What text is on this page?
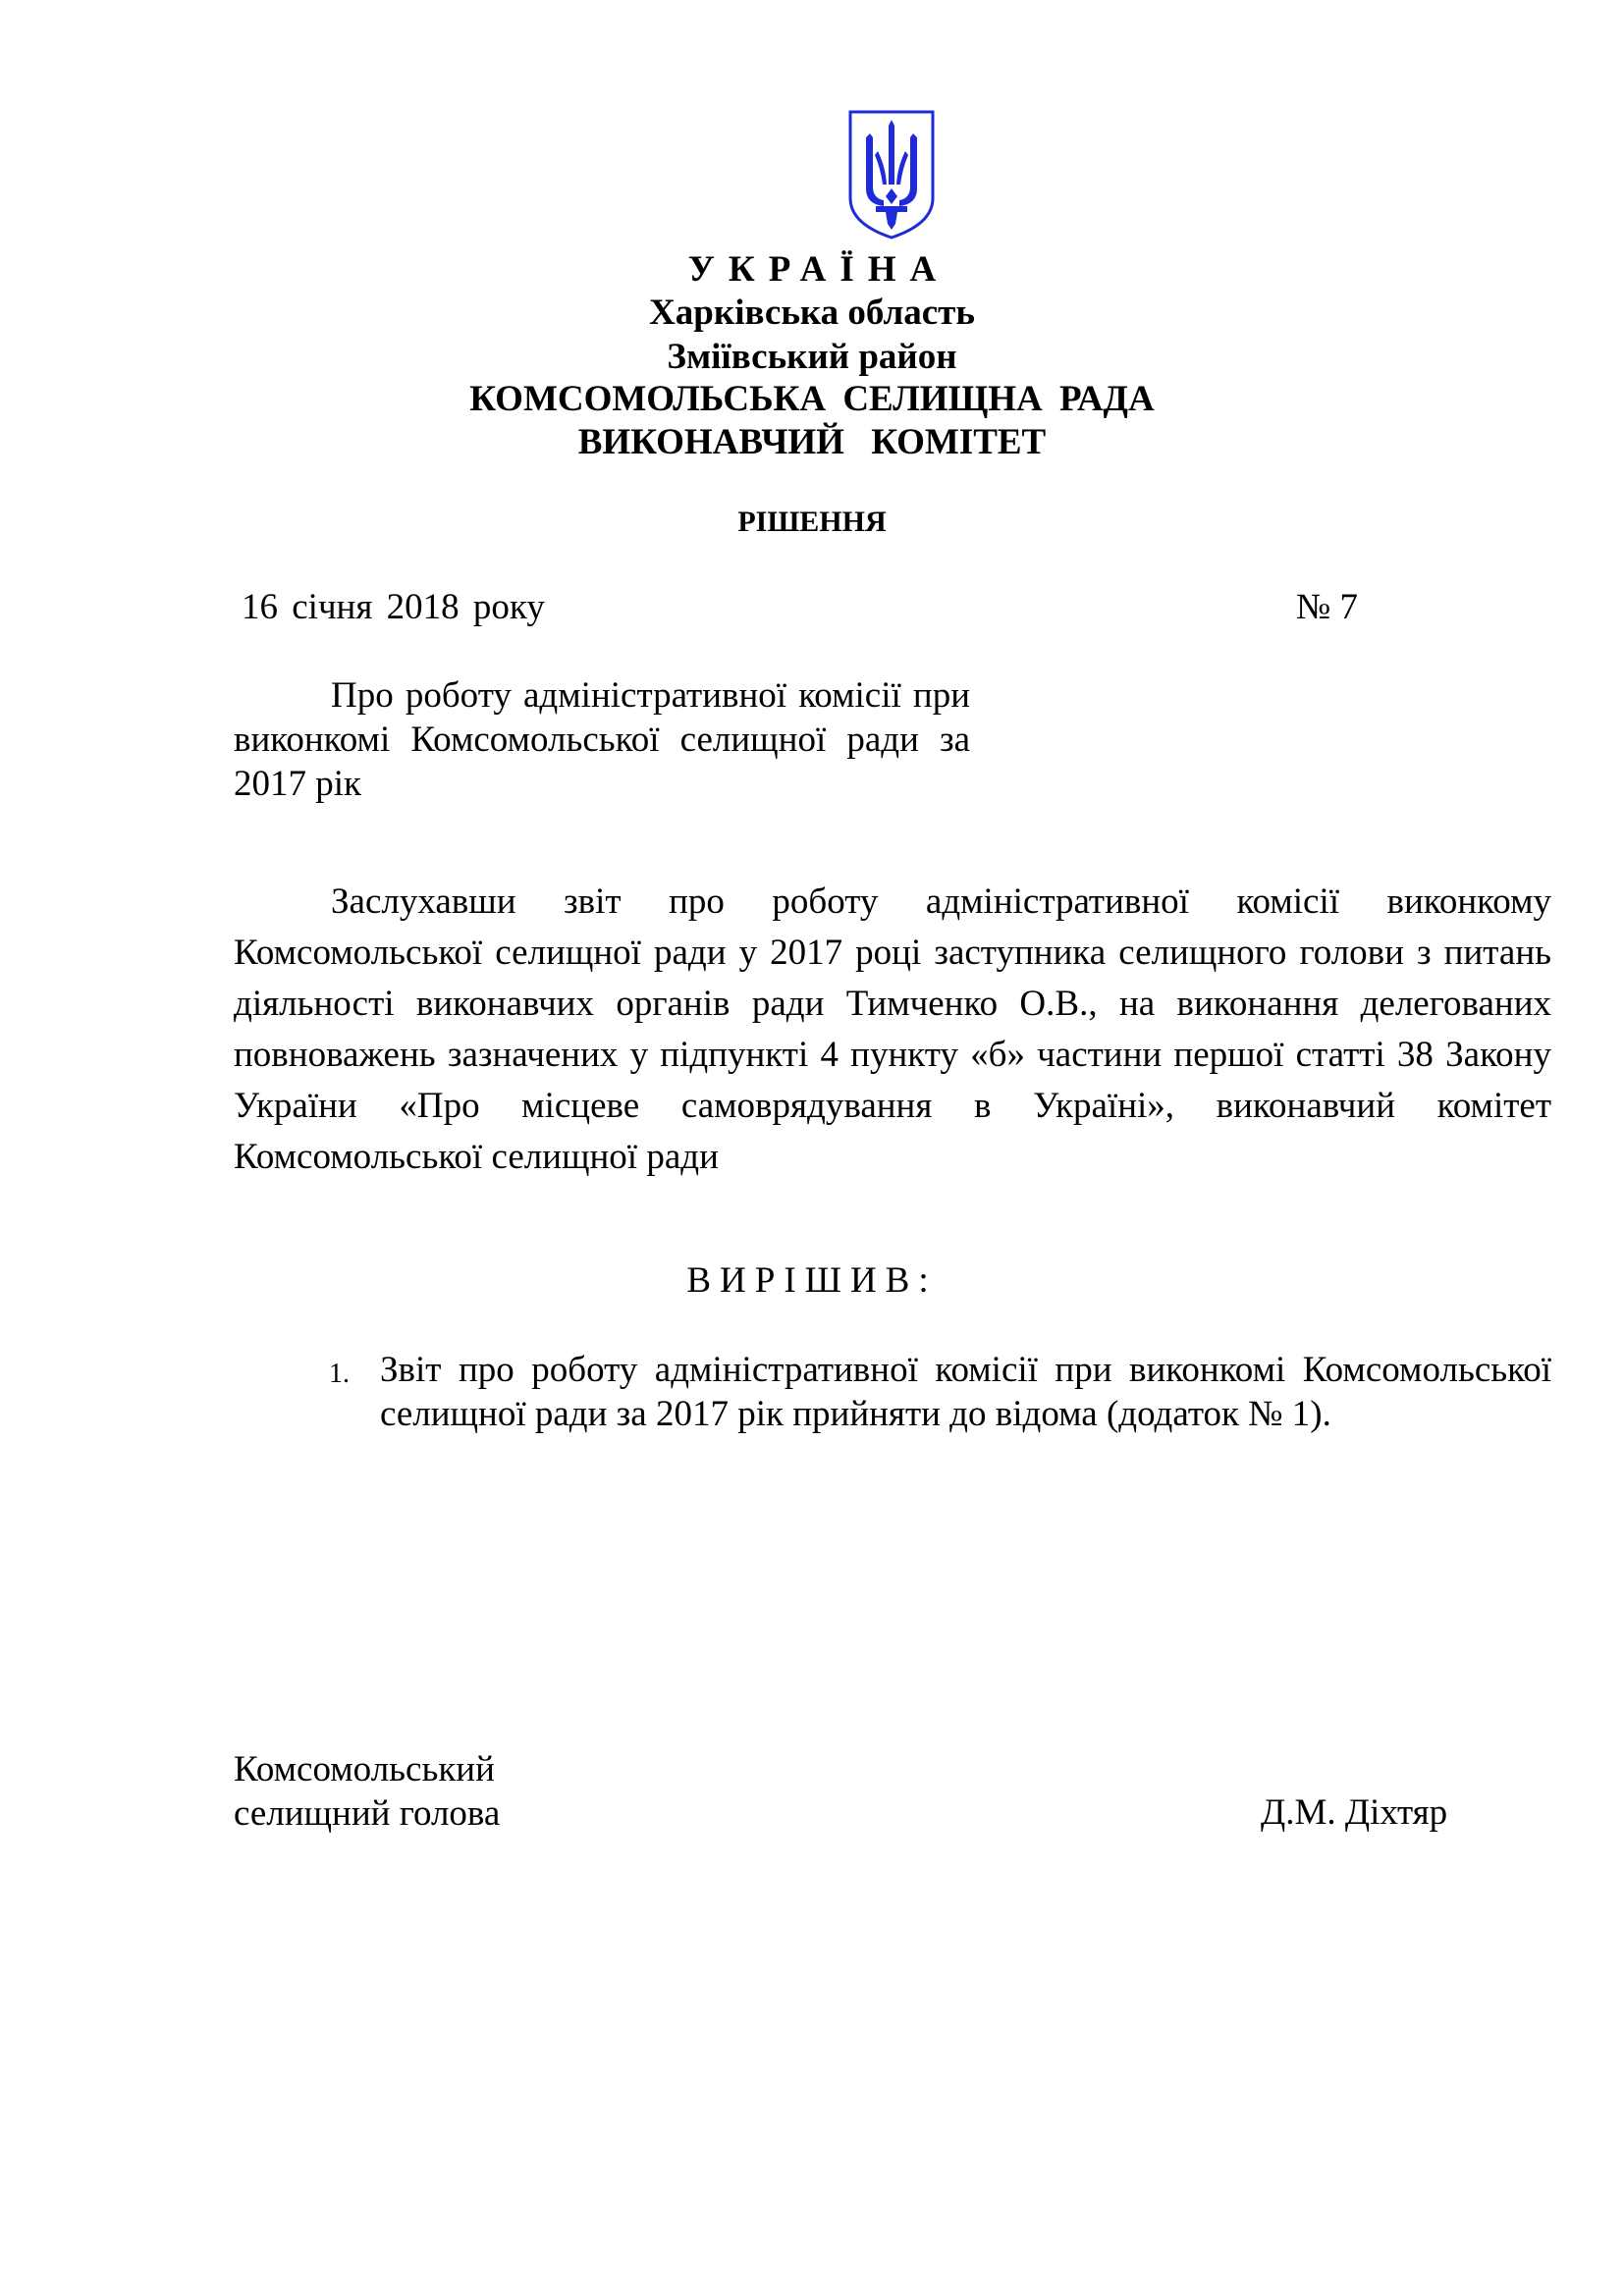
УКРАЇНА
Харківська область
Зміївський район
КОМСОМОЛЬСЬКА СЕЛИЩНА РАДА
ВИКОНАВЧИЙ КОМІТЕТ
РІШЕННЯ
16 січня 2018 року	№ 7
Про роботу адміністративної комісії при виконкомі Комсомольської селищної ради за 2017 рік
Заслухавши звіт про роботу адміністративної комісії виконкому Комсомольської селищної ради у 2017 році заступника селищного голови з питань діяльності виконавчих органів ради Тимченко О.В., на виконання делегованих повноважень зазначених у підпункті 4 пункту «б» частини першої статті 38 Закону України «Про місцеве самоврядування в Україні», виконавчий комітет Комсомольської селищної ради
ВИРІШИВ:
1. Звіт про роботу адміністративної комісії при виконкомі Комсомольської селищної ради за 2017 рік прийняти до відома (додаток № 1).
Комсомольський
селищний голова	Д.М. Діхтяр
